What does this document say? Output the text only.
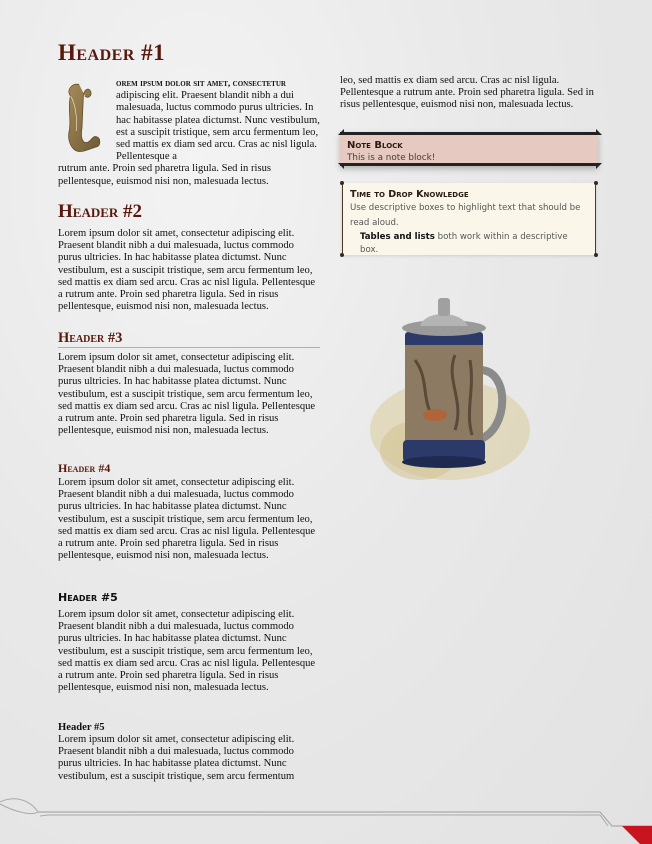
Header #1

orem ipsum dolor sit amet, consectetur adipiscing elit. Praesent blandit nibh a dui malesuada, luctus commodo purus ultricies. In hac habitasse platea dictumst. Nunc vestibulum, est a suscipit tristique, sem arcu fermentum leo, sed mattis ex diam sed arcu. Cras ac nisl ligula. Pellentesque a
rutrum ante. Proin sed pharetra ligula. Sed in risus pellentesque, euismod nisi non, malesuada lectus.

Header #2

Lorem ipsum dolor sit amet, consectetur adipiscing elit. Praesent blandit nibh a dui malesuada, luctus commodo purus ultricies. In hac habitasse platea dictumst. Nunc vestibulum, est a suscipit tristique, sem arcu fermentum leo, sed mattis ex diam sed arcu. Cras ac nisl ligula. Pellentesque a rutrum ante. Proin sed pharetra ligula. Sed in risus pellentesque, euismod nisi non, malesuada lectus.

Header #3

Lorem ipsum dolor sit amet, consectetur adipiscing elit. Praesent blandit nibh a dui malesuada, luctus commodo purus ultricies. In hac habitasse platea dictumst. Nunc vestibulum, est a suscipit tristique, sem arcu fermentum leo, sed mattis ex diam sed arcu. Cras ac nisl ligula. Pellentesque a rutrum ante. Proin sed pharetra ligula. Sed in risus pellentesque, euismod nisi non, malesuada lectus.

Header #4

Lorem ipsum dolor sit amet, consectetur adipiscing elit. Praesent blandit nibh a dui malesuada, luctus commodo purus ultricies. In hac habitasse platea dictumst. Nunc vestibulum, est a suscipit tristique, sem arcu fermentum leo, sed mattis ex diam sed arcu. Cras ac nisl ligula. Pellentesque a rutrum ante. Proin sed pharetra ligula. Sed in risus pellentesque, euismod nisi non, malesuada lectus.

Header #5

Lorem ipsum dolor sit amet, consectetur adipiscing elit. Praesent blandit nibh a dui malesuada, luctus commodo purus ultricies. In hac habitasse platea dictumst. Nunc vestibulum, est a suscipit tristique, sem arcu fermentum leo, sed mattis ex diam sed arcu. Cras ac nisl ligula. Pellentesque a rutrum ante. Proin sed pharetra ligula. Sed in risus pellentesque, euismod nisi non, malesuada lectus.

Header #5

Lorem ipsum dolor sit amet, consectetur adipiscing elit. Praesent blandit nibh a dui malesuada, luctus commodo purus ultricies. In hac habitasse platea dictumst. Nunc vestibulum, est a suscipit tristique, sem arcu fermentum

leo, sed mattis ex diam sed arcu. Cras ac nisl ligula. Pellentesque a rutrum ante. Proin sed pharetra ligula. Sed in risus pellentesque, euismod nisi non, malesuada lectus.

Note Block
This is a note block!
Time to Drop Knowledge
Use descriptive boxes to highlight text that should be read aloud.
Tables and lists both work within a descriptive box.
